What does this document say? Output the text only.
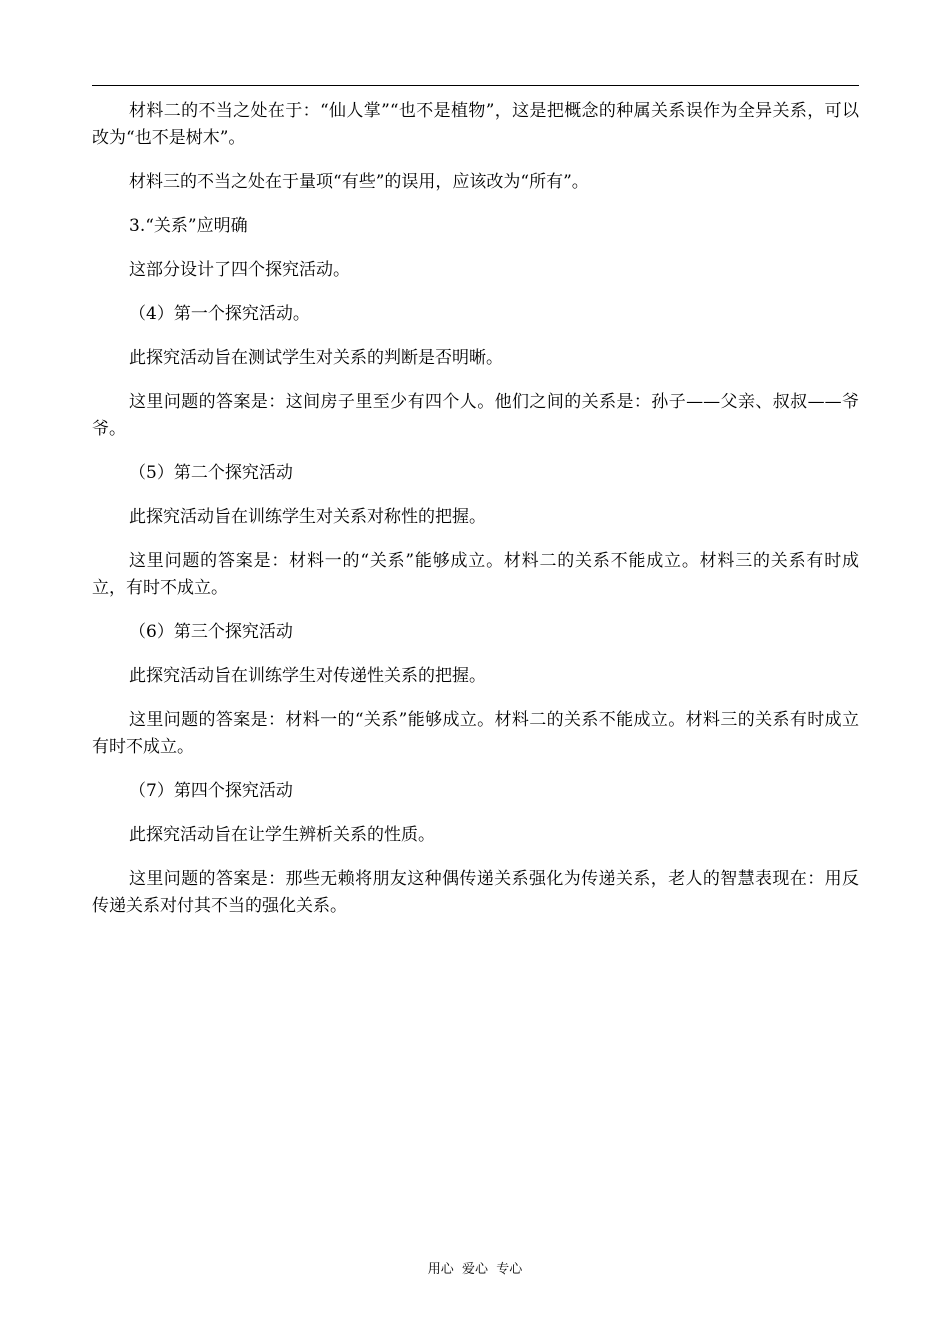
材料二的不当之处在于：“仙人掌”“也不是植物”，这是把概念的种属关系误作为全异关系，可以改为“也不是树木”。

材料三的不当之处在于量项“有些”的误用，应该改为“所有”。

3.“关系”应明确

这部分设计了四个探究活动。

（4）第一个探究活动。

此探究活动旨在测试学生对关系的判断是否明晰。

这里问题的答案是：这间房子里至少有四个人。他们之间的关系是：孙子——父亲、叔叔——爷爷。

（5）第二个探究活动

此探究活动旨在训练学生对关系对称性的把握。

这里问题的答案是：材料一的“关系”能够成立。材料二的关系不能成立。材料三的关系有时成立，有时不成立。

（6）第三个探究活动

此探究活动旨在训练学生对传递性关系的把握。

这里问题的答案是：材料一的“关系”能够成立。材料二的关系不能成立。材料三的关系有时成立有时不成立。

（7）第四个探究活动

此探究活动旨在让学生辨析关系的性质。

这里问题的答案是：那些无赖将朋友这种偶传递关系强化为传递关系，老人的智慧表现在：用反传递关系对付其不当的强化关系。

用心  爱心  专心
